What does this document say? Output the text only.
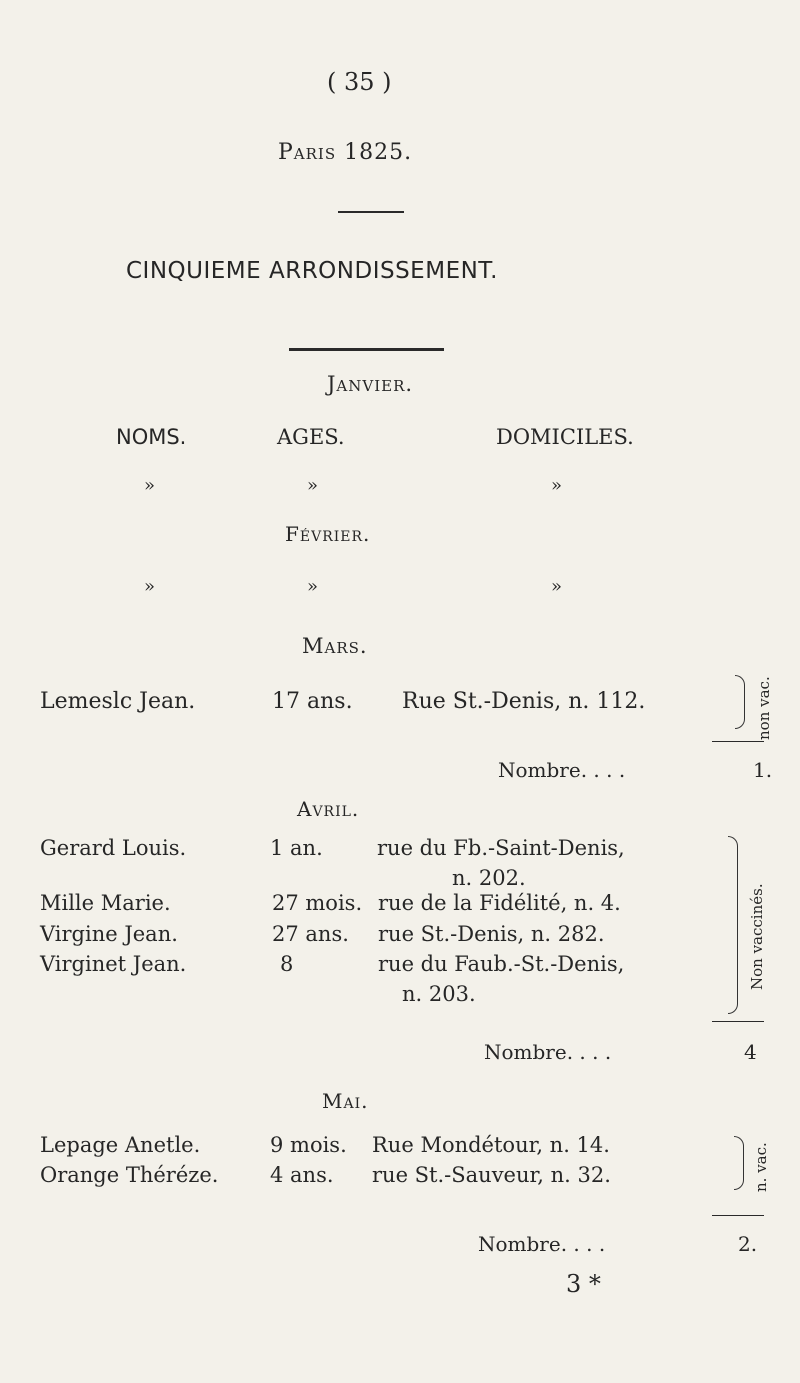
( 35 )
Paris 1825.
CINQUIEME ARRONDISSEMENT.
Janvier.
NOMS.	AGES.	DOMICILES.
»	»	»
Février.
»	»	»
Mars.
Lemeslc Jean.	17 ans. Rue St.-Denis, n. 112.	non vac.
Nombre. . . .	1.
Avril.
Gerard Louis.	1 an.	rue du Fb.-Saint-Denis,
n. 202.
Mille Marie.	27 mois. rue de la Fidélité, n. 4.
Virgine Jean.	27 ans. rue St.-Denis, n. 282.
Virginet Jean.	8	rue du Faub.-St.-Denis,
n. 203.
Non vaccinés.
Nombre. . . .	4
Mai.
Lepage Anetle.	9 mois. Rue Mondétour, n. 14.
Orange Théréze. 4 ans. rue St.-Sauveur, n. 32.	n. vac.
Nombre. . . .	2.
3 *
